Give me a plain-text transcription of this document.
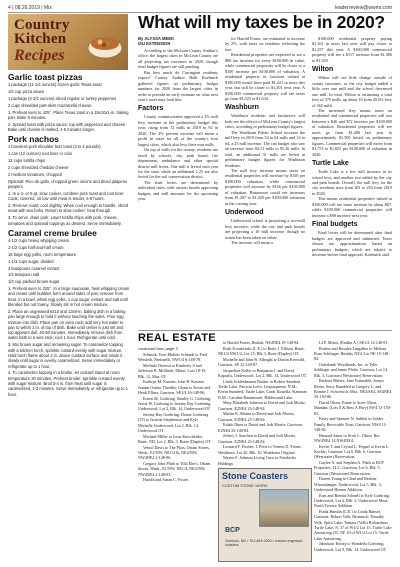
4 | 08.26.2019 | Mix	leaderreview@wwmr.com
Country
Kitchen
Recipes
Garlic toast pizzas

1 package (11-1/4 ounces) frozen garlic Texas toast

1/2 cup pizza sauce

1 package (3-1/2 ounces) sliced regular or turkey pepperoni

2 cups shredded part-skim mozzarella cheese

1. Preheat oven to 425°. Place Texas toast in a 15x10x1-in. baking pan. Bake 5 minutes.

2. Spread toast with pizza sauce; top with pepperoni and cheese. Bake until cheese is melted, 4-5 minutes longer.

Pork nachos

1 boneless pork shoulder butt roast (3 to 4 pounds)

1 can (12 ounces) root beer or cola

12 cups tortilla chips

2 cups shredded cheddar cheese

2 medium tomatoes, chopped

Optional: Pico de gallo, chopped green onions and diced jalapeno peppers

1. In a 4- or 5-qt. slow cooker, combine pork roast and root beer. Cook, covered, on low until meat is tender, 6-8 hours.

2. Remove roast; cool slightly. When cool enough to handle, shred meat with two forks. Return to slow cooker; heat through.

3. To serve, drain pork. Layer tortilla chips with pork, cheese, tomatoes and optional toppings as desired. Serve immediately.

Caramel creme brulee

4-1/2 cups heavy whipping cream

1-1/2 cups half-and-half cream

15 large egg yolks, room temperature

1-1/3 cups sugar, divided

3 teaspoons caramel extract

1/4 teaspoon salt

1/3 cup packed brown sugar

1. Preheat oven to 325°. In a large saucepan, heat whipping cream and cream until bubbles form around sides of pan; remove from heat. In a bowl, whisk egg yolks, 1 cup sugar, extract and salt until blended but not foamy. Slowly stir in hot cream mixture.

2. Place an ungreased 6x10 and 13x9-in. baking dish in a baking pan large enough to hold it without touching the sides. Pour egg mixture into dish. Place pan on oven rack; add very hot water to pan to within 1 in. of top of dish. Bake until center is just set and top appears dull, 40-50 minutes. Immediately remove dish from water bath to a wire rack; cool 1 hour. Refrigerate until cold.

3. Mix brown sugar and remaining sugar. To caramelize topping with a kitchen torch, sprinkle custard evenly with sugar mixture. Hold torch flame about 2 in. above custard surface and rotate it slowly until sugar is evenly caramelized. Serve immediately or refrigerate up to 1 hour.

4. To caramelize topping in a broiler, let custard stand at room temperature 30 minutes. Preheat broiler. Sprinkle custard evenly with sugar mixture. Broil 3-4 in. from heat until sugar is caramelized, 2-3 minutes. Serve immediately or refrigerate up to 1 hour.

What will my taxes be in 2020?

By ALYSSA MEEK
ISU EXTENSION

According to the McLean County Auditor's office, the largest cities in McLean County are all projecting tax increases in 2020, though final budget figures are still pending.

But how much do Carrington residents expect? County Auditor Beth Koebnick gathered figures on preliminary budget numbers for 2020 from the largest cities in order to provide an early estimate on what next year's taxes may look like.

Factors

County commissioners approved a 2% mill levy increase in the preliminary budget this year, rising from 72 mills in 2019 to 92 in 2020. The 2% percent increase will mean a profit in taxes for all of the county's four largest cities, which also levy their own mills.

On top of mills for the county, residents are taxed by schools, city, park board, fire department, ambulance and other special district mill levies. One mill is levied each year for the state, while an additional 1.25 are also levied for the soil conservation district.

The final levies are determined by individual cities, with various boards approving budgets and mill amounts for the upcoming year.

for Harold Fraser, are estimated to increase by 2%, with taxes on residents reflecting the rise.

Residential properties are expected to see a $80 tax increase for every $100,000 in value, while commercial properties will be closer to a $100 increase per $100,000 of valuation. A residential property in Garrison valued at $100,000 would have paid $1,221 in taxes this year, but will be closer to $1,301 next year. A $100,000 commercial property will see taxes go from $1,525 to $1,634.

Washburn

Washburn residents and businesses will both see the effects of McLean County's largest cities, according to preliminary budget figures.

The Washburn Public School increase the mill levy in 2019 from 54 to 64 mills and 14 to 64, a 25 mill increase. The city budget also saw an increase from 84.31 mills to 95.26 mills. In total, an additional 31 mills are levied in preliminary budget figures for Washburn residents.

The mill levy increase means taxes on residential properties will increase by $150 per $100,000 valuation, while commercial properties will increase by $166 per $100,000 of valuation. Businesses could see increases from $1,207 to $1,429 per $100,000 valuation in the coming year.

Underwood

Underwood school is projecting a two-mill levy increase, while the city and park boards are projecting a 10 mill increase, though no action has been taken on either.

The increase will mean a

$100,000 residential property paying $1,161 in taxes last year will pay closer to $1,257 this year. A $100,000 commercial property will see a $117 increase from $1,386 to $1,503.

Wilton

Wilton will see little change outside of county increases, as the city budget added a little over one mill and the school decreased one mill. In total, Wilton is estimating a total levy of 375 mills, up about 10 from 2019's levy of 365 mills.

The increased levy means taxes on residential and commercial properties will rise between a $46 and $72 increase per $100,000 of valuation. Residential properties will see taxes go from $1,406 last year to approximately $1,500 based on preliminary figures. Commercial properties will move from $1,753 to $1,825 per $100,000 of valuation in 2020.

Turtle Lake

Turtle Lake is a few mill increase in its school levy, and another two added by the city and park boards. Overall, the mill levy for the city residents rises from 281 to 292 from 2019 to 2020.

This means residential properties valued at $100,000 will see taxes increase by about $67, while $100,000 commercial properties will increase a $98 increase next year.

Final budgets

Final levies will be determined after final budgets are approved and submitted. Taxes shown are approximations based on preliminary budgets, which are subject to decrease before final approval, Koebnick said.

REAL ESTATE
continued from page 3

Schmidt, Terri Mullett Schmidt to Fred Weisleib, Pantinelli, NW1/4 6-148-78.

Melinda Theresa to Kimberly S and Jefferson R. McBride, Minot, Lots 18-19, Blk. 12, Max OT.

Kathryn M. Kastner, John R. Kastner, Joanne Ostmo Thordby, Glenn to Kevin and Heidi Ellner, Garrison, SE1/4 16-148-86.

Karen M. Gorbring, Stanley G. Gorbring, Jessie W. Gorbring to Jeremy Ray Goehring, Underwood, Lot 2, Blk. 14, Underwood OT.

Jeremy Ray Goehring, Donae Goehring (JT) to Jacinda Stephenson and Kyle Michelle Underwood, Lot 2, Blk. 14, Underwood OT.

Michael Miller to Leon Kutschenko, Butte, ND, Lot 2, Blk. 3, Butte (Duplex) OT.

Vencil Davis to The Plats, Ostam Stores, Wash., E1/NW, NE1/4 &, NE4/NW, NW4NE4 2-148-86.

Gregory John Plath to Tilla Elm's, Ostam Stores, Wash., E1/NW, NE1/4, NE4/NW, NW4NE4 2-148-83.

Harold and Susan C. Foster

to Harold Foster, Beulah, NE4NE4 19-148-84.

Ruth Tronsbrinks (L.E.) to Betty J. Ellison, Butte, NE1/4 NW1/4, Lot 15, Blk 3, Butte (Duplex) OT.

Michelle and John R. Albright to Dustin Kerwald, Garrison, SE 22-149-87.

Jacqueline Keller to Benjamin J. and David Kapsalis, Underwood, Lot 2, Blk. 14, Underwood OT.

Linda Schlenhausen Busker to Robert Sundeen, Turtle Lake; Patricia Lefor, Linquiqueme, N.M.; Kevin Sundeed, Turtle Lake; Cindi Kinsella, Stammer, N.M.; Caroline Rasmussen, Haldersand Lake.

Mary Elizabeth Johnson to David and Jodi Moritz, Garrison, E2NE4 23-148-84.

Martin K. Martin to David and Jodi Moritz, Garrison, E2NE4 23-148-84.

Eulah Olsen to David and Jodi Moritz, Garrison, E2NE4 23-148-84.

Jeffrey J. Sauchen to David and Jodi Moritz, Garrison, E2NE4 23-148-84.

Leonard F. Fischer, I. Pfeiz to Vernon D. Feiner, Washburn, Lot 20, Blk. 10, Washburn Original.

Wayne F. Johnson Living Trust to Friedrichs Holdings

LLP, Minot, (Endlar A.) SE1/4 14-148-81.

Roders and Rosalee Lingalbie to Melissa Rose Schlinger, Beulah, NE4 3 to NE 19-148-84.

Outerbank Woodlands, Inc. to Tyler Schlinger and Jamie Pfeltz, Garrison, Lot 14, Blk. 3, Garrison (Westwater) Reservation.

Barbara Meiere, Jane Estimable, Sonya Reiter, Stacy Rambled to Gregory L. and Bonnie J. Schweisch, Max, NE4/SE4, SE4NE4 35-150-86.

David Olson, Estate to Scott Olson, Mandan, (Lots 8 & Row A Hwy) SW4 13-150-83.

Kerry and Spencer N. Sublett to Solder Family Revocable Trust, Garrison, NW4 11-148-84.

Bernard Sauer to Scott L. Olson, Rec NW4NE4 14 NW4NE4.

Kevin T. and Crystal L. Peppel to Kevin L. Kuckle, Garrison, Lot 6, Blk. 6, Garrison (Westwater) Reservation.

Gaylee A. and Stephen A. Plath to BCP Properties, LLC, Garrison, Lot 6, Blk. 5, Garrison (Westwater) Reservation.

Darren Young to Chad and Heather Wiraszdanger, Underwood, Lot 5, Blk. 3, Underwood Hoener Addition.

Kurt and Brenda Schnell to Kyle Gorbring, Underwood, Lot 4, Blk. 3, Underwood Mesa North Terrace Addition.

Frank Hamlin (L.E.) to Linda Hansel, Garrison; Robert Volk, Bismarck; Timothy Volk, Spirit Lake; Tamara (Volk) Richardson, Turtle Lake, N. 37 of W1/2 Lot 15, Turtle Lake Armstrong OT, NE 10 of W1/2 Lot 15, Turtle Lake Armstrong.

Jahnisaac Keitsy to Wanderla Gorbring, Underwood, Lot 9, Blk. 14, Underwood OT.

Stone Coasters
CUSTOM STONE WORK
BCP
Garrison, ND • 701-463-0000 • custom engraved coasters
